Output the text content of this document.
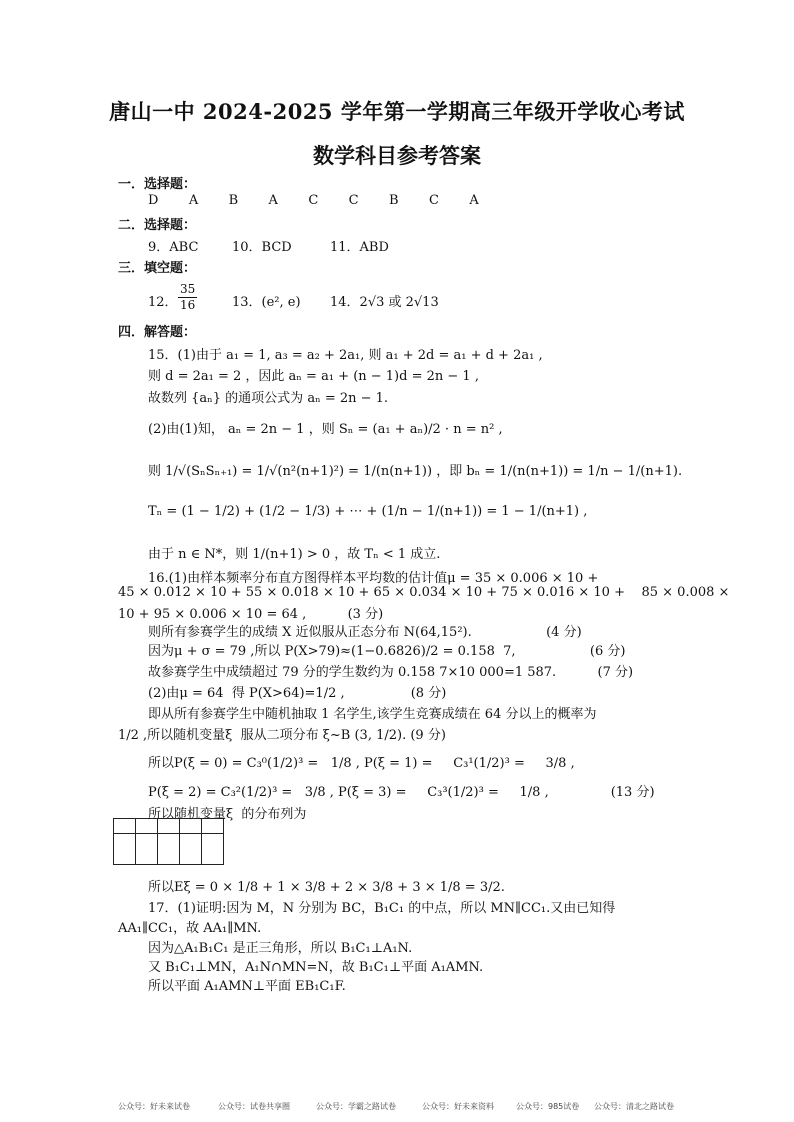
唐山一中 2024-2025 学年第一学期高三年级开学收心考试
数学科目参考答案
一．选择题：
D   A   B   A   C   C   B   C   A
二．选择题：
9．ABC	10．BCD	11．ABD
三．填空题：
12． $\frac{35}{16}$	13．(e², e) 14．2√3 或 2√13
四．解答题：
15．(1)由于 a₁ = 1, a₃ = a₂ + 2a₁, 则 a₁ + 2d = a₁ + d + 2a₁ ,
则 d = 2a₁ = 2 ，因此 aₙ = a₁ + (n − 1)d = 2n − 1 ,
故数列 {aₙ} 的通项公式为 aₙ = 2n − 1.
(2)由(1)知， aₙ = 2n − 1 ，则 Sₙ = (a₁ + aₙ)/2 · n = n² ,
则 1/√(SₙSₙ₊₁) = 1/√(n²(n+1)²) = 1/(n(n+1)) ，即 bₙ = 1/(n(n+1)) = 1/n − 1/(n+1).
Tₙ = (1 − 1/2) + (1/2 − 1/3) + ⋯ + (1/n − 1/(n+1)) = 1 − 1/(n+1) ,
由于 n ∈ N*，则 1/(n+1) > 0 ，故 Tₙ < 1 成立.
16.(1)由样本频率分布直方图得样本平均数的估计值μ = 35 × 0.006 × 10 +
45 × 0.012 × 10 + 55 × 0.018 × 10 + 65 × 0.034 × 10 + 75 × 0.016 × 10 +    85 × 0.008 ×
10 + 95 × 0.006 × 10 = 64 ,          (3 分)
则所有参赛学生的成绩 X 近似服从正态分布 N(64,15²).                  (4 分)
因为μ + σ = 79 ,所以 P(X>79)≈(1−0.6826)/2 = 0.158  7,                  (6 分)
故参赛学生中成绩超过 79 分的学生数约为 0.158 7×10 000=1 587.          (7 分)
(2)由μ = 64  得 P(X>64)=1/2 ,                (8 分)
即从所有参赛学生中随机抽取 1 名学生,该学生竞赛成绩在 64 分以上的概率为
1/2 ,所以随机变量ξ  服从二项分布 ξ~B (3, 1/2). (9 分)
所以P(ξ = 0) = C₃⁰(1/2)³ =   1/8 , P(ξ = 1) =     C₃¹(1/2)³ =     3/8 ,
P(ξ = 2) = C₃²(1/2)³ =   3/8 , P(ξ = 3) =     C₃³(1/2)³ =     1/8 ,               (13 分)
所以随机变量ξ  的分布列为

所以Eξ = 0 × 1/8 + 1 × 3/8 + 2 × 3/8 + 3 × 1/8 = 3/2.
17．(1)证明:因为 M，N 分别为 BC，B₁C₁ 的中点，所以 MN∥CC₁.又由已知得
AA₁∥CC₁，故 AA₁∥MN.
因为△A₁B₁C₁ 是正三角形，所以 B₁C₁⊥A₁N.
又 B₁C₁⊥MN，A₁N∩MN=N，故 B₁C₁⊥平面 A₁AMN.
所以平面 A₁AMN⊥平面 EB₁C₁F.
公众号：好未来试卷	公众号：试卷共享圈	公众号：学霸之路试卷	公众号：好未来资料	公众号：985试卷 公众号：清北之路试卷
